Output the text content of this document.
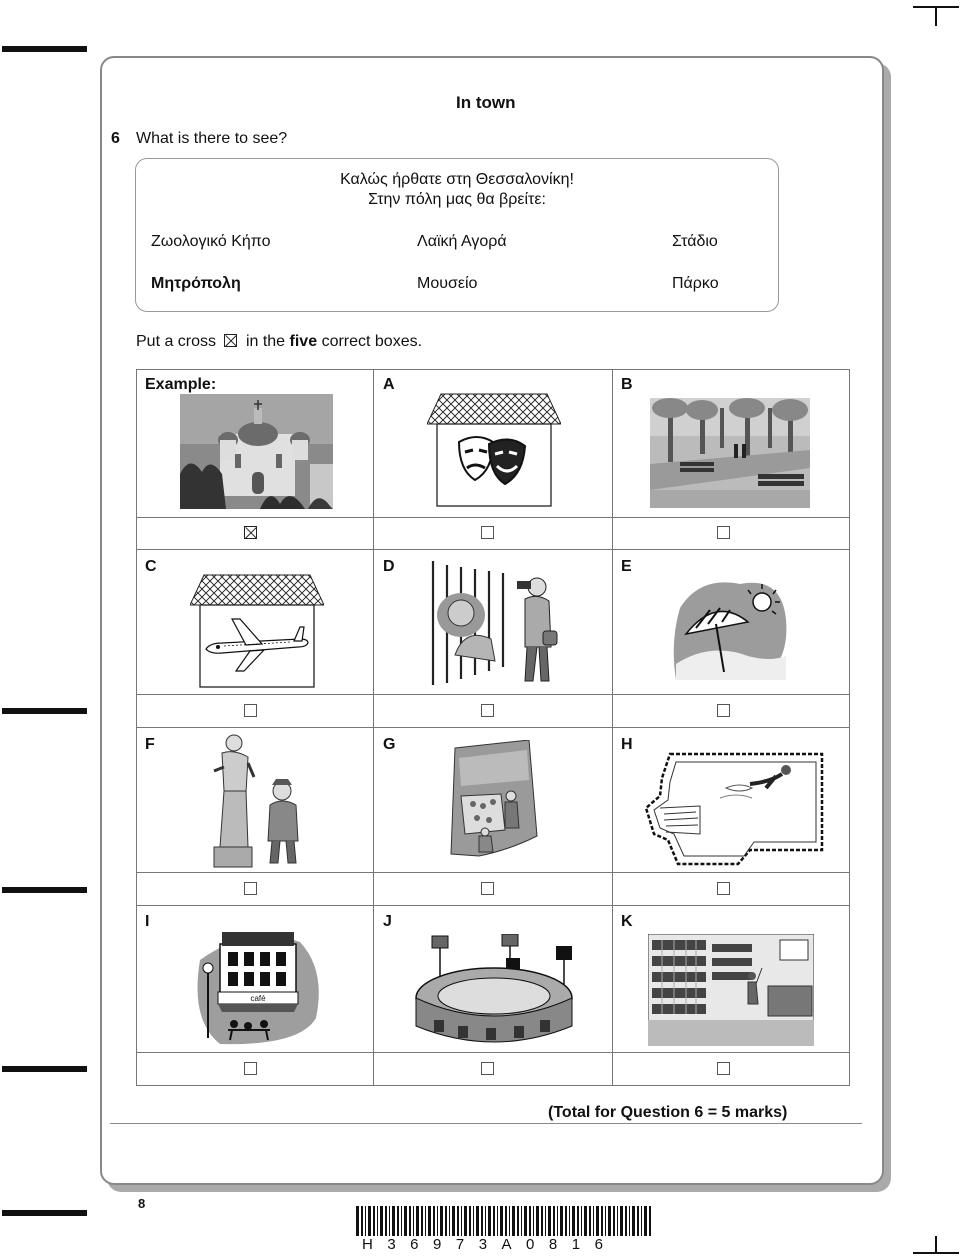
In town
6 What is there to see?
Καλώς ήρθατε στη Θεσσαλονίκη!
Στην πόλη μας θα βρείτε:
Ζωολογικό Κήπο	Λαϊκή Αγορά	Στάδιο
Μητρόπολη	Μουσείο	Πάρκο
Put a cross ☒ in the five correct boxes.
Example:	A	B
C	D	E
F	G	H
I	J	K
café
(Total for Question 6 = 5 marks)
8
H36973A0816
